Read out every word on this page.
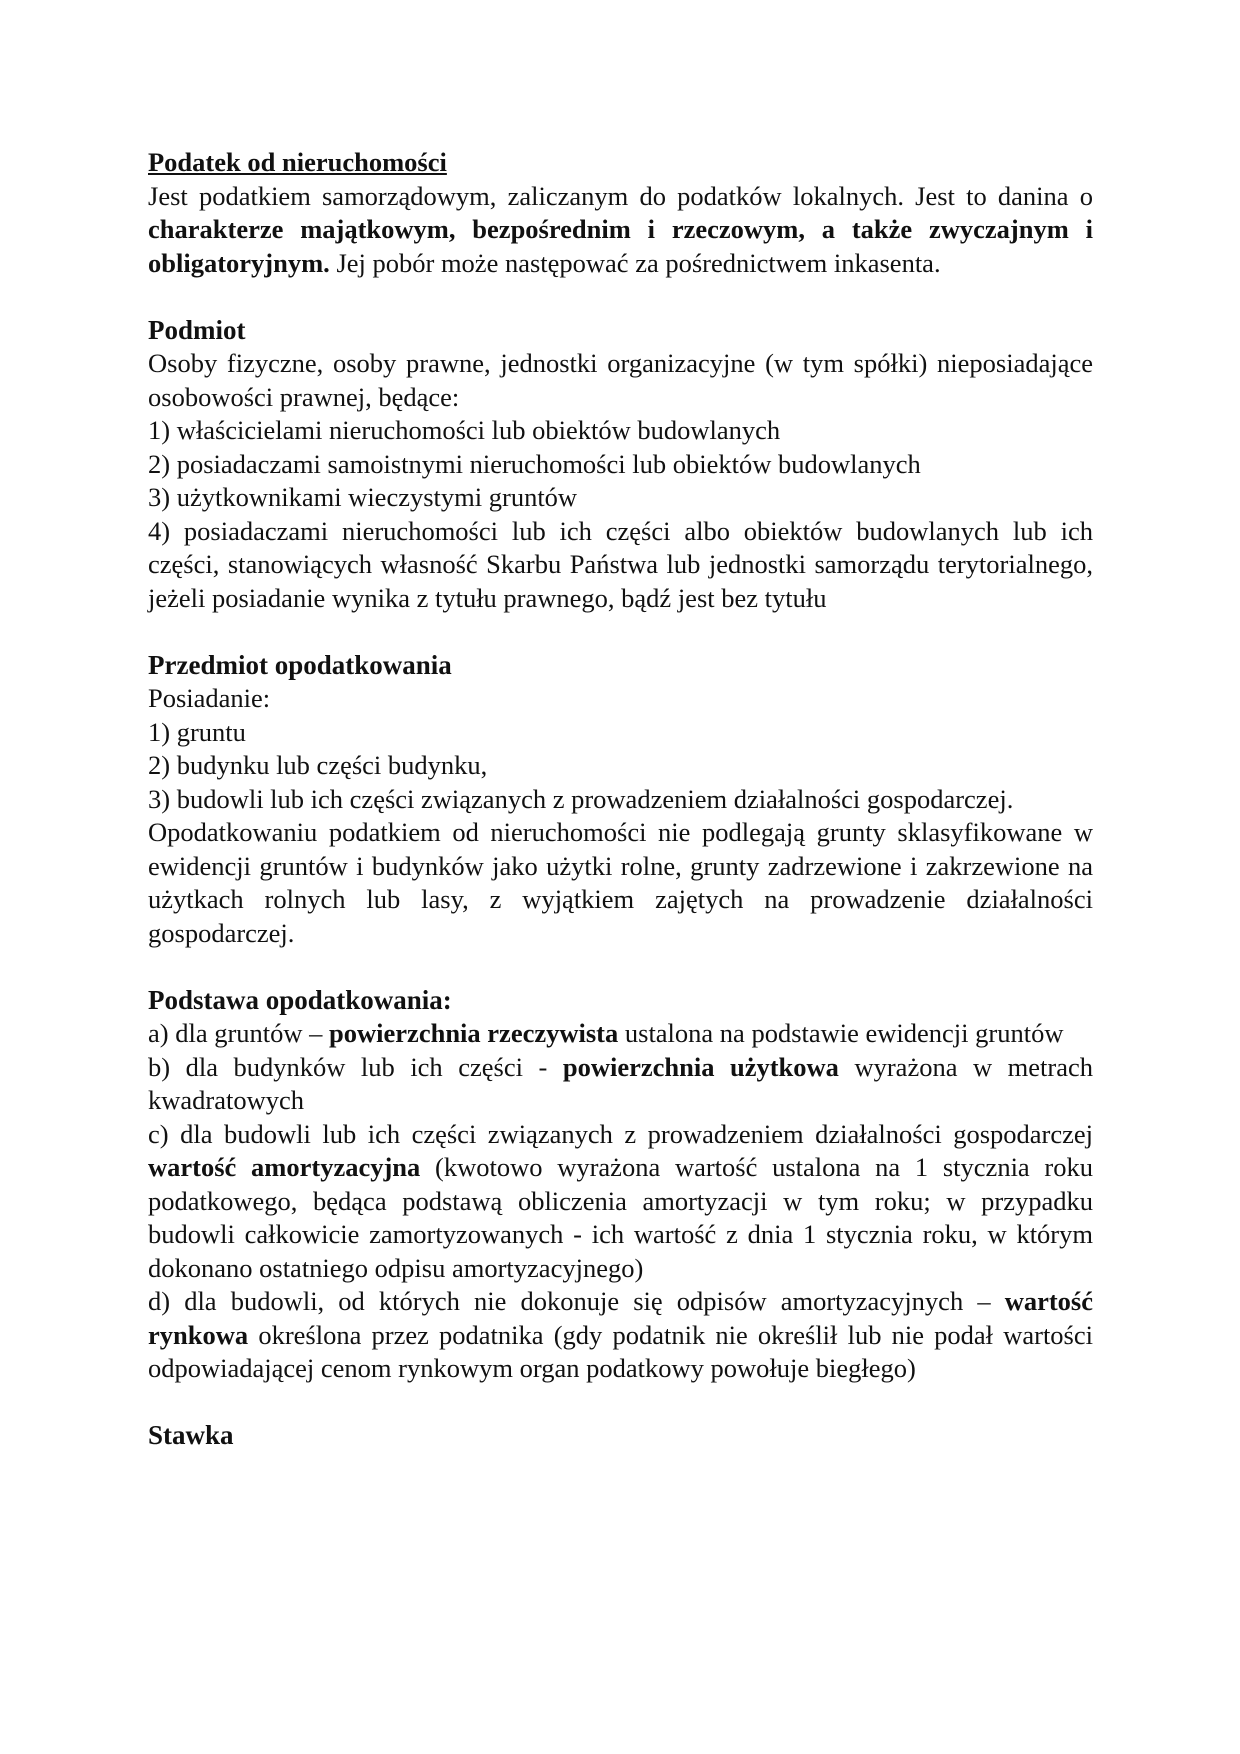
Podatek od nieruchomości

Jest podatkiem samorządowym, zaliczanym do podatków lokalnych. Jest to danina o charakterze majątkowym, bezpośrednim i rzeczowym, a także zwyczajnym i obligatoryjnym. Jej pobór może następować za pośrednictwem inkasenta.

Podmiot

Osoby fizyczne, osoby prawne, jednostki organizacyjne (w tym spółki) nieposiadające osobowości prawnej, będące:

1) właścicielami nieruchomości lub obiektów budowlanych

2) posiadaczami samoistnymi nieruchomości lub obiektów budowlanych

3) użytkownikami wieczystymi gruntów

4) posiadaczami nieruchomości lub ich części albo obiektów budowlanych lub ich części, stanowiących własność Skarbu Państwa lub jednostki samorządu terytorialnego, jeżeli posiadanie wynika z tytułu prawnego, bądź jest bez tytułu

Przedmiot opodatkowania

Posiadanie:

1) gruntu

2) budynku lub części budynku,

3) budowli lub ich części związanych z prowadzeniem działalności gospodarczej.

Opodatkowaniu podatkiem od nieruchomości nie podlegają grunty sklasyfikowane w ewidencji gruntów i budynków jako użytki rolne, grunty zadrzewione i zakrzewione na użytkach rolnych lub lasy, z wyjątkiem zajętych na prowadzenie działalności gospodarczej.

Podstawa opodatkowania:

a) dla gruntów – powierzchnia rzeczywista ustalona na podstawie ewidencji gruntów

b) dla budynków lub ich części - powierzchnia użytkowa wyrażona w metrach kwadratowych

c) dla budowli lub ich części związanych z prowadzeniem działalności gospodarczej wartość amortyzacyjna (kwotowo wyrażona wartość ustalona na 1 stycznia roku podatkowego, będąca podstawą obliczenia amortyzacji w tym roku; w przypadku budowli całkowicie zamortyzowanych - ich wartość z dnia 1 stycznia roku, w którym dokonano ostatniego odpisu amortyzacyjnego)

d) dla budowli, od których nie dokonuje się odpisów amortyzacyjnych – wartość rynkowa określona przez podatnika (gdy podatnik nie określił lub nie podał wartości odpowiadającej cenom rynkowym organ podatkowy powołuje biegłego)

Stawka
